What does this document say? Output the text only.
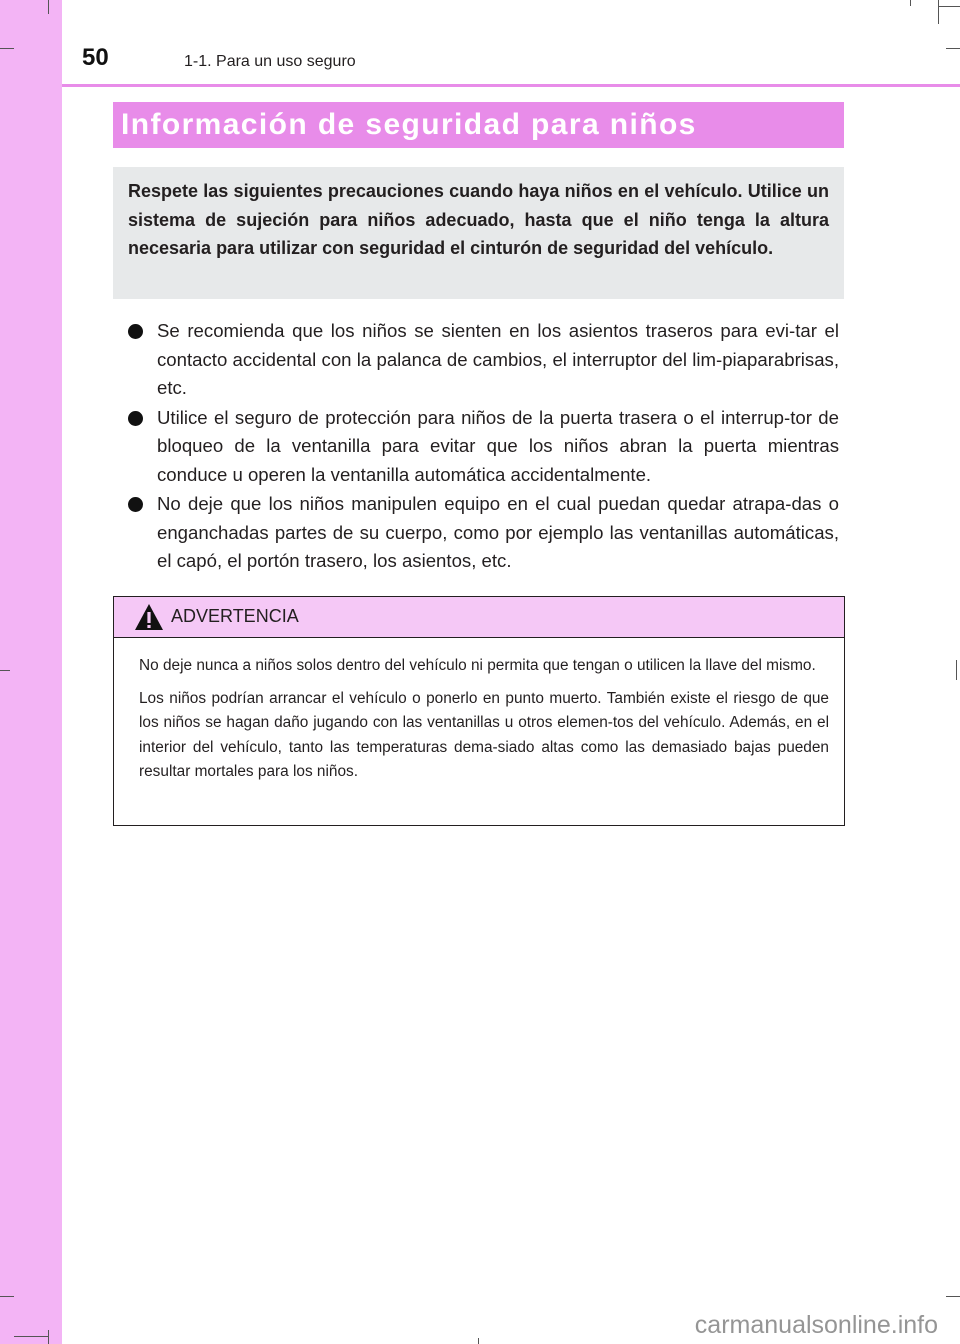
50	1-1. Para un uso seguro
Información de seguridad para niños

Respete las siguientes precauciones cuando haya niños en el vehículo. Utilice un sistema de sujeción para niños adecuado, hasta que el niño tenga la altura necesaria para utilizar con seguridad el cinturón de seguridad del vehículo.

Se recomienda que los niños se sienten en los asientos traseros para evi-tar el contacto accidental con la palanca de cambios, el interruptor del lim-piaparabrisas, etc.
Utilice el seguro de protección para niños de la puerta trasera o el interrup-tor de bloqueo de la ventanilla para evitar que los niños abran la puerta mientras conduce u operen la ventanilla automática accidentalmente.
No deje que los niños manipulen equipo en el cual puedan quedar atrapa-das o enganchadas partes de su cuerpo, como por ejemplo las ventanillas automáticas, el capó, el portón trasero, los asientos, etc.
ADVERTENCIA

No deje nunca a niños solos dentro del vehículo ni permita que tengan o utilicen la llave del mismo.

Los niños podrían arrancar el vehículo o ponerlo en punto muerto. También existe el riesgo de que los niños se hagan daño jugando con las ventanillas u otros elemen-tos del vehículo. Además, en el interior del vehículo, tanto las temperaturas dema-siado altas como las demasiado bajas pueden resultar mortales para los niños.

carmanualsonline.info
